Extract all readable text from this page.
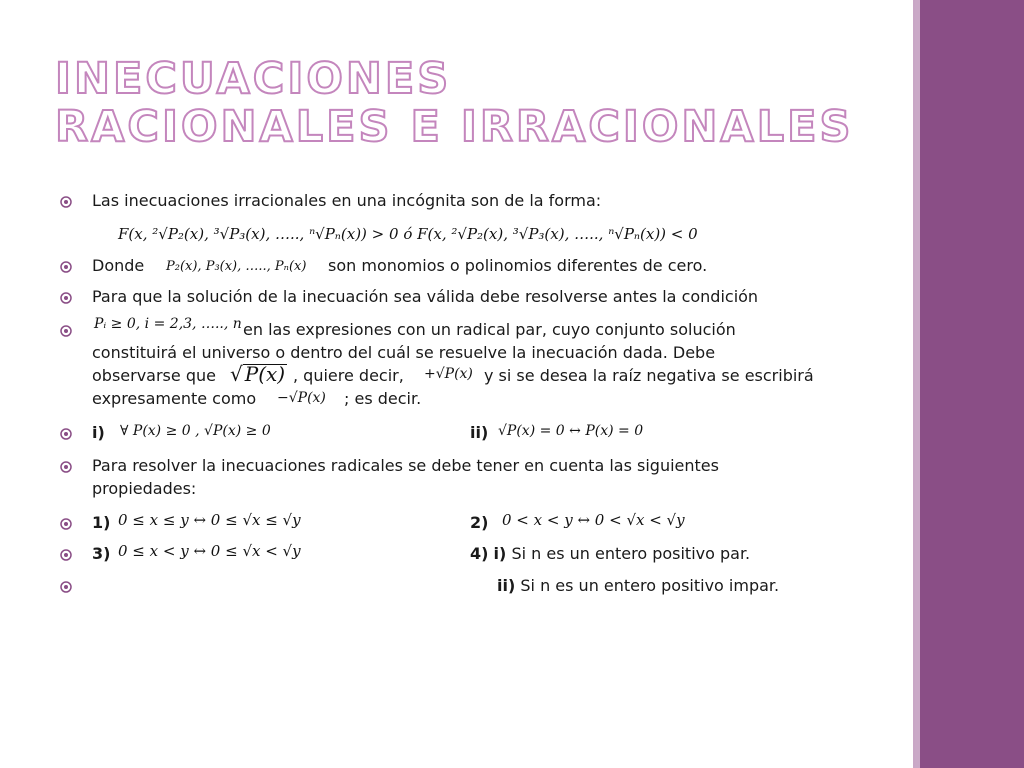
INECUACIONES
RACIONALES E IRRACIONALES
Las inecuaciones irracionales en una incógnita son de la forma:
F(x, ²√P₂(x), ³√P₃(x), ….., ⁿ√Pₙ(x)) > 0 ó F(x, ²√P₂(x), ³√P₃(x), ….., ⁿ√Pₙ(x)) < 0
Donde P₂(x), P₃(x), ….., Pₙ(x) son monomios o polinomios diferentes de cero.
Para que la solución de la inecuación sea válida debe resolverse antes la condición
Pᵢ ≥ 0, i = 2,3, ….., n en las expresiones con un radical par, cuyo conjunto solución
constituirá el universo o dentro del cuál se resuelve la inecuación dada. Debe
observarse que √ P(x) , quiere decir, +√P(x) y si se desea la raíz negativa se escribirá
expresamente como −√P(x) ; es decir.
i) ∀ P(x) ≥ 0 , √P(x) ≥ 0	ii) √P(x) = 0 ↔ P(x) = 0
Para resolver la inecuaciones radicales se debe tener en cuenta las siguientes
propiedades:
1) 0 ≤ x ≤ y ↔ 0 ≤ √x ≤ √y	2) 0 < x < y ↔ 0 < √x < √y
3) 0 ≤ x < y ↔ 0 ≤ √x < √y	4) i) Si n es un entero positivo par.
ii) Si n es un entero positivo impar.
